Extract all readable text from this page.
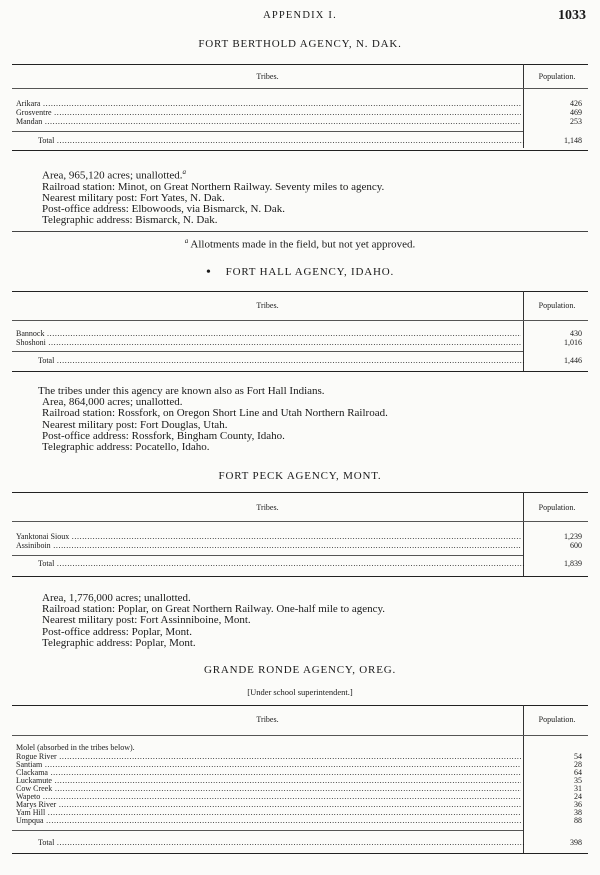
APPENDIX I.	1033
FORT BERTHOLD AGENCY, N. DAK.
Tribes.	Population.
Arikara .....	426
Grosventre .....	469
Mandan .....	253
Total .....	1,148
Area, 965,120 acres; unallotted.$^a$
Railroad station: Minot, on Great Northern Railway. Seventy miles to agency.
Nearest military post: Fort Yates, N. Dak.
Post-office address: Elbowoods, via Bismarck, N. Dak.
Telegraphic address: Bismarck, N. Dak.
$^a$ Allotments made in the field, but not yet approved.
• FORT HALL AGENCY, IDAHO.
Tribes.	Population.
Bannock .....	430
Shoshoni .....	1,016
Total .....	1,446
The tribes under this agency are known also as Fort Hall Indians.
Area, 864,000 acres; unallotted.
Railroad station: Rossfork, on Oregon Short Line and Utah Northern Railroad.
Nearest military post: Fort Douglas, Utah.
Post-office address: Rossfork, Bingham County, Idaho.
Telegraphic address: Pocatello, Idaho.
FORT PECK AGENCY, MONT.
Tribes.	Population.
Yanktonai Sioux .....	1,239
Assiniboin .....	600
Total .....	1,839
Area, 1,776,000 acres; unallotted.
Railroad station: Poplar, on Great Northern Railway. One-half mile to agency.
Nearest military post: Fort Assinniboine, Mont.
Post-office address: Poplar, Mont.
Telegraphic address: Poplar, Mont.
GRANDE RONDE AGENCY, OREG.
[Under school superintendent.]
Tribes.	Population.
Molel (absorbed in the tribes below).
Rogue River .....	54
Santiam .....	28
Clackama .....	64
Luckamute .....	35
Cow Creek .....	31
Wapeto .....	24
Marys River .....	36
Yam Hill .....	38
Umpqua .....	88
Total .....	398
